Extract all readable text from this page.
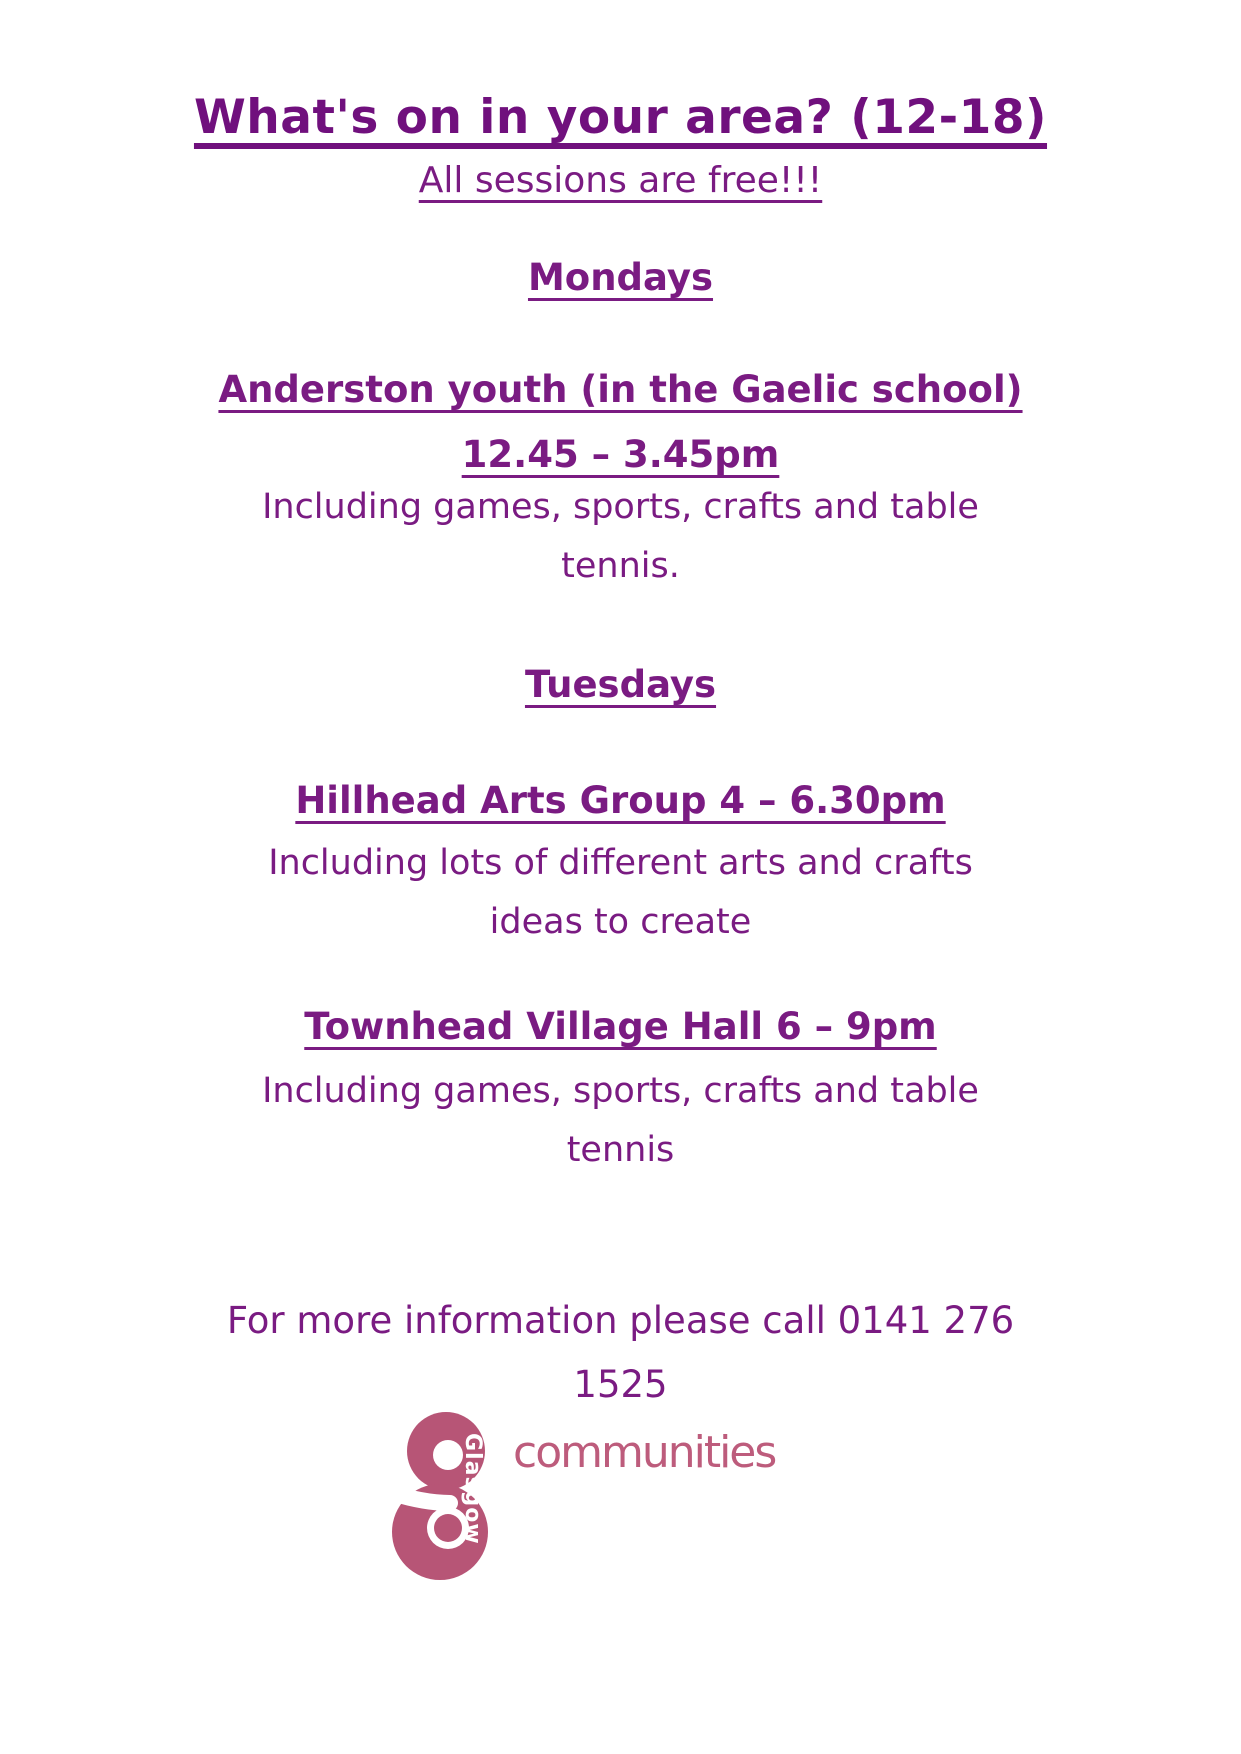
What's on in your area? (12-18)
All sessions are free!!!
Mondays
Anderston youth (in the Gaelic school)
12.45 – 3.45pm
Including games, sports, crafts and table
tennis.
Tuesdays
Hillhead Arts Group 4 – 6.30pm
Including lots of different arts and crafts
ideas to create
Townhead Village Hall 6 – 9pm
Including games, sports, crafts and table
tennis
For more information please call 0141 276
1525
Glasgow communities
